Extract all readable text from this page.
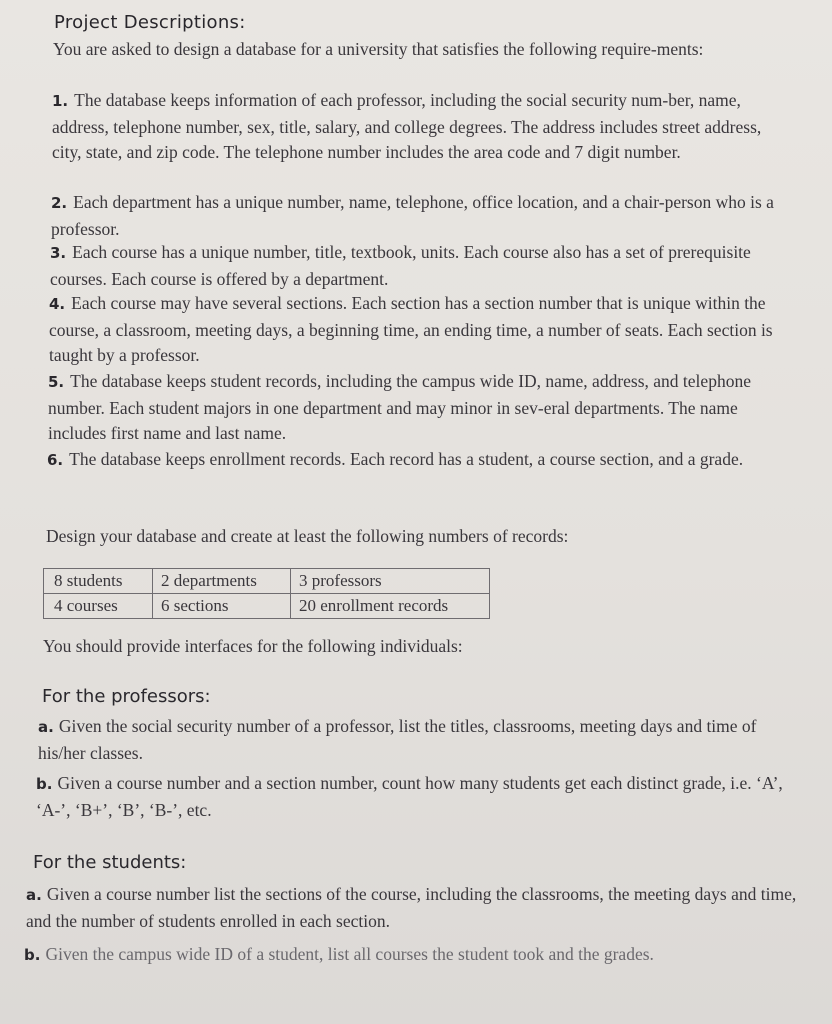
Project Descriptions:

You are asked to design a database for a university that satisfies the following require-ments:

1. The database keeps information of each professor, including the social security num-ber, name, address, telephone number, sex, title, salary, and college degrees. The address includes street address, city, state, and zip code. The telephone number includes the area code and 7 digit number.

2. Each department has a unique number, name, telephone, office location, and a chair-person who is a professor.

3. Each course has a unique number, title, textbook, units. Each course also has a set of prerequisite courses. Each course is offered by a department.

4. Each course may have several sections. Each section has a section number that is unique within the course, a classroom, meeting days, a beginning time, an ending time, a number of seats. Each section is taught by a professor.

5. The database keeps student records, including the campus wide ID, name, address, and telephone number. Each student majors in one department and may minor in sev-eral departments. The name includes first name and last name.

6. The database keeps enrollment records. Each record has a student, a course section, and a grade.

Design your database and create at least the following numbers of records:

8 students	2 departments	3 professors
4 courses	6 sections	20 enrollment records

You should provide interfaces for the following individuals:

For the professors:

a. Given the social security number of a professor, list the titles, classrooms, meeting days and time of his/her classes.

b. Given a course number and a section number, count how many students get each distinct grade, i.e. ‘A’, ‘A-’, ‘B+’, ‘B’, ‘B-’, etc.

For the students:

a. Given a course number list the sections of the course, including the classrooms, the meeting days and time, and the number of students enrolled in each section.

b. Given the campus wide ID of a student, list all courses the student took and the grades.
